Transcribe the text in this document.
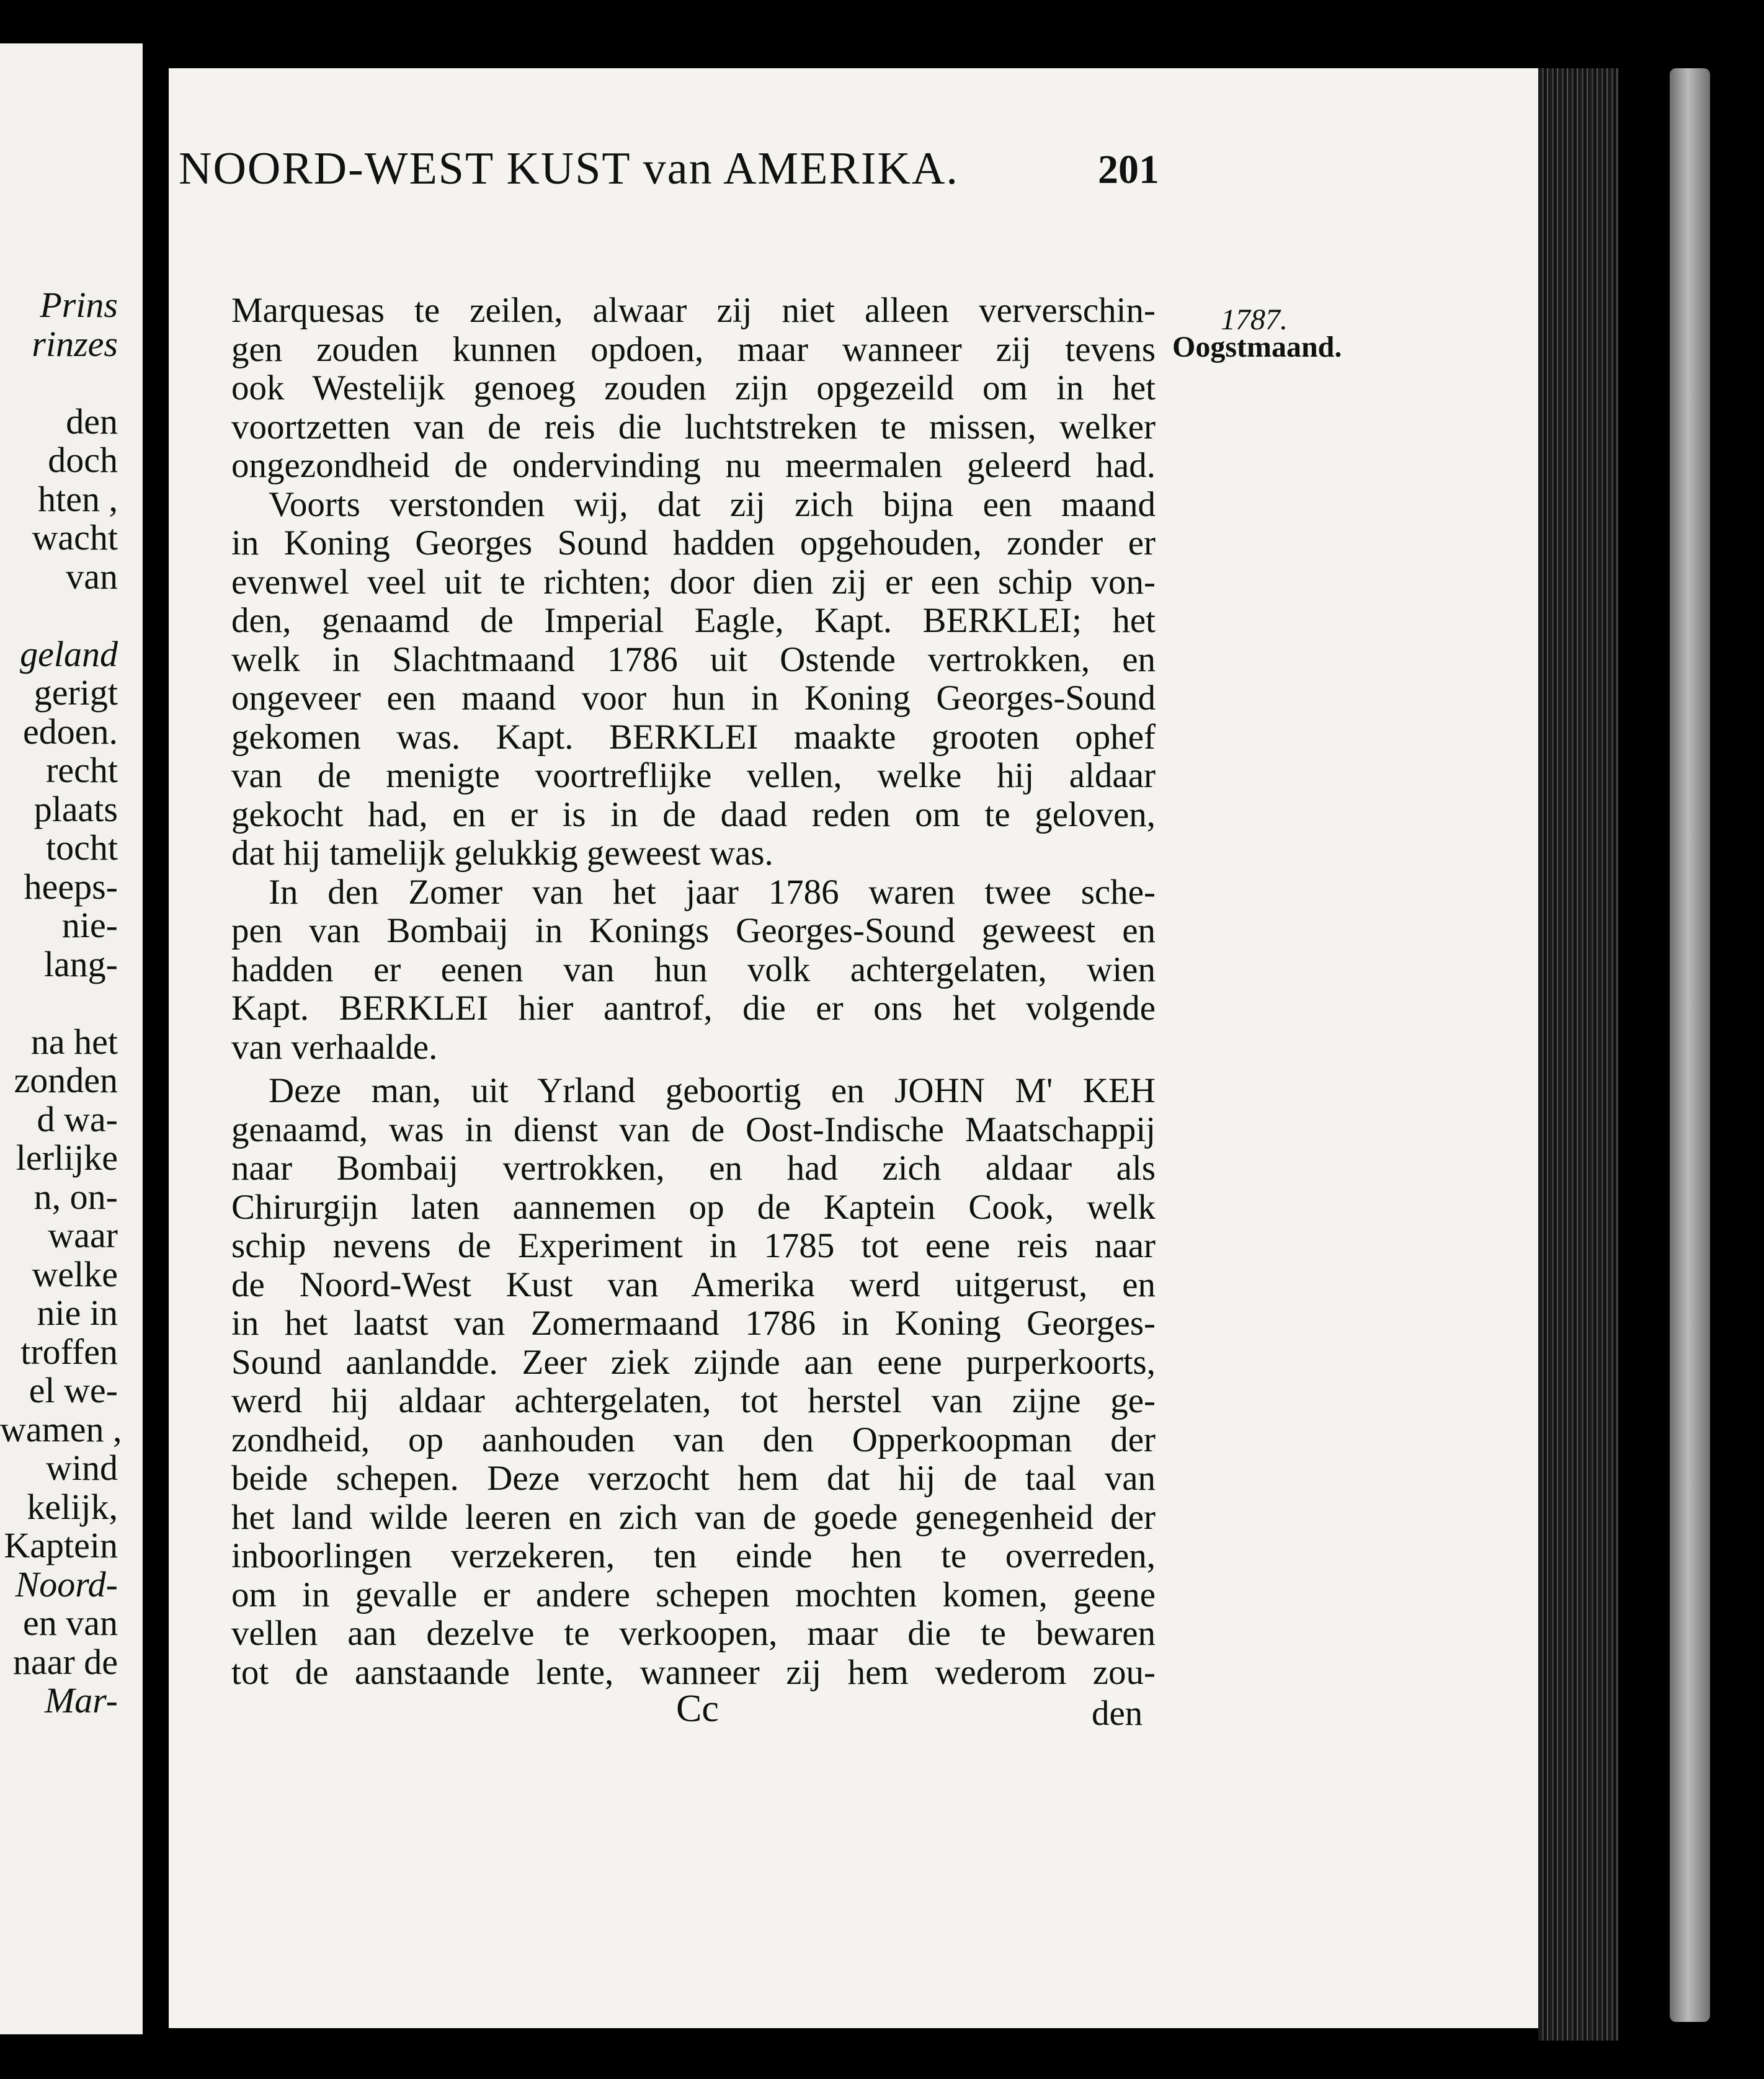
Prins
rinzes
den
doch
hten ,
wacht
van
geland
gerigt
edoen.
recht
plaats
tocht
heeps-
nie-
lang-
na het
zonden
d wa-
lerlijke
n, on-
waar
welke
nie in
troffen
el we-
wamen ,
wind
kelijk,
Kaptein
Noord-
en van
naar de
Mar-
NOORD-WEST KUST van AMERIKA.	201
1787.
Oogstmaand.
Marquesas te zeilen, alwaar zij niet alleen ververschin-
gen zouden kunnen opdoen, maar wanneer zij tevens
ook Westelijk genoeg zouden zijn opgezeild om in het
voortzetten van de reis die luchtstreken te missen, welker
ongezondheid de ondervinding nu meermalen geleerd had.
Voorts verstonden wij, dat zij zich bijna een maand
in Koning Georges Sound hadden opgehouden, zonder er
evenwel veel uit te richten; door dien zij er een schip von-
den, genaamd de Imperial Eagle, Kapt. BERKLEI; het
welk in Slachtmaand 1786 uit Ostende vertrokken, en
ongeveer een maand voor hun in Koning Georges-Sound
gekomen was. Kapt. BERKLEI maakte grooten ophef
van de menigte voortreflijke vellen, welke hij aldaar
gekocht had, en er is in de daad reden om te geloven,
dat hij tamelijk gelukkig geweest was.
In den Zomer van het jaar 1786 waren twee sche-
pen van Bombaij in Konings Georges-Sound geweest en
hadden er eenen van hun volk achtergelaten, wien
Kapt. BERKLEI hier aantrof, die er ons het volgende
van verhaalde.
Deze man, uit Yrland geboortig en JOHN M' KEH
genaamd, was in dienst van de Oost-Indische Maatschappij
naar Bombaij vertrokken, en had zich aldaar als
Chirurgijn laten aannemen op de Kaptein Cook, welk
schip nevens de Experiment in 1785 tot eene reis naar
de Noord-West Kust van Amerika werd uitgerust, en
in het laatst van Zomermaand 1786 in Koning Georges-
Sound aanlandde. Zeer ziek zijnde aan eene purperkoorts,
werd hij aldaar achtergelaten, tot herstel van zijne ge-
zondheid, op aanhouden van den Opperkoopman der
beide schepen. Deze verzocht hem dat hij de taal van
het land wilde leeren en zich van de goede genegenheid der
inboorlingen verzekeren, ten einde hen te overreden,
om in gevalle er andere schepen mochten komen, geene
vellen aan dezelve te verkoopen, maar die te bewaren
tot de aanstaande lente, wanneer zij hem wederom zou-
Cc	den
